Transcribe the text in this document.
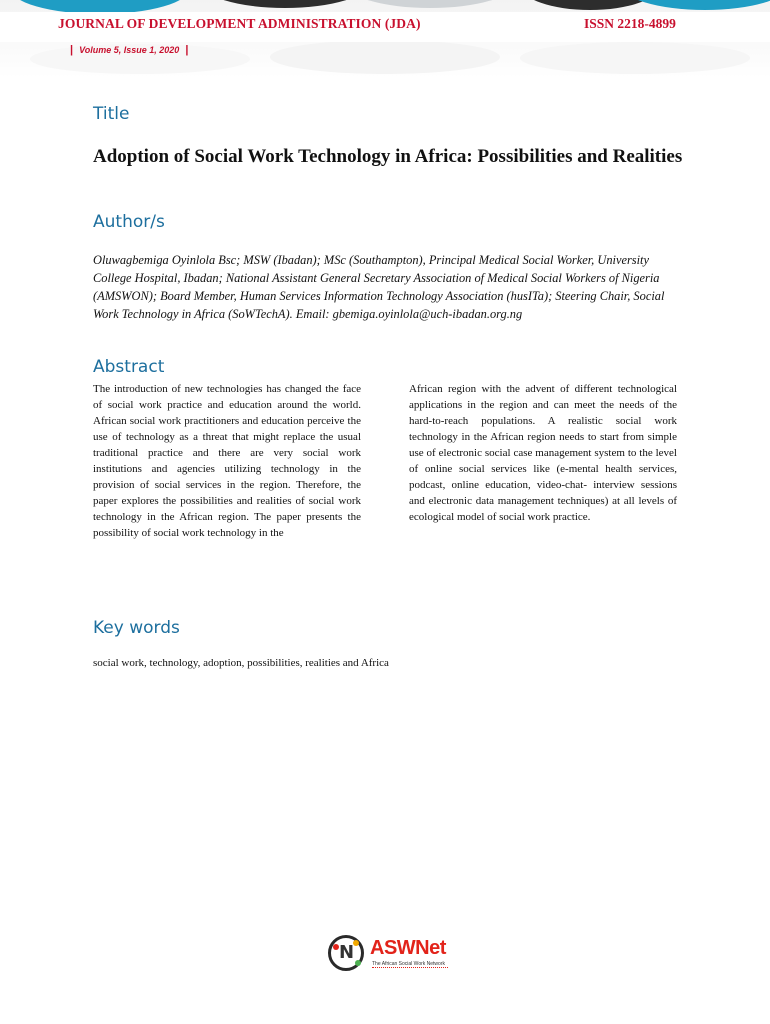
JOURNAL OF DEVELOPMENT ADMINISTRATION (JDA)	ISSN 2218-4899
| Volume 5, Issue 1, 2020 |
Title
Adoption of Social Work Technology in Africa: Possibilities and Realities
Author/s
Oluwagbemiga Oyinlola Bsc; MSW (Ibadan); MSc (Southampton), Principal Medical Social Worker, University College Hospital, Ibadan; National Assistant General Secretary Association of Medical Social Workers of Nigeria (AMSWON); Board Member, Human Services Information Technology Association (husITa); Steering Chair, Social Work Technology in Africa (SoWTechA). Email: gbemiga.oyinlola@uch-ibadan.org.ng
Abstract
The introduction of new technologies has changed the face of social work practice and education around the world. African social work practitioners and education perceive the use of technology as a threat that might replace the usual traditional practice and there are very social work institutions and agencies utilizing technology in the provision of social services in the region. Therefore, the paper explores the possibilities and realities of social work technology in the African region. The paper presents the possibility of social work technology in the
African region with the advent of different technological applications in the region and can meet the needs of the hard-to-reach populations. A realistic social work technology in the African region needs to start from simple use of electronic social case management system to the level of online social services like (e-mental health services, podcast, online education, video-chat- interview sessions and electronic data management techniques) at all levels of ecological model of social work practice.
Key words
social work, technology, adoption, possibilities, realities and Africa
N ASWNet
The African Social Work Network
